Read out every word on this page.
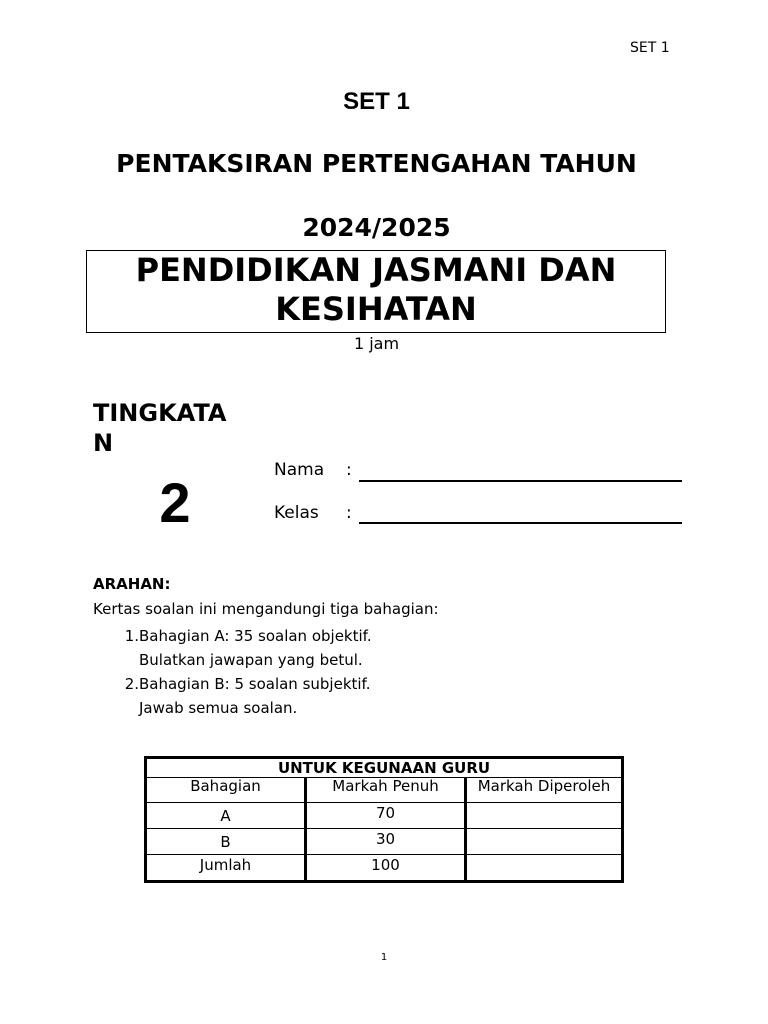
SET 1
SET 1
PENTAKSIRAN PERTENGAHAN TAHUN
2024/2025
PENDIDIKAN JASMANI DAN KESIHATAN
1 jam
TINGKATAN
2
Nama :
Kelas :
ARAHAN:
Kertas soalan ini mengandungi tiga bahagian:
1. Bahagian A: 35 soalan objektif.
Bulatkan jawapan yang betul.
2. Bahagian B: 5 soalan subjektif.
Jawab semua soalan.
UNTUK KEGUNAAN GURU		
Bahagian	Markah Penuh	Markah Diperoleh
A	70	
B	30	
Jumlah	100	
1
